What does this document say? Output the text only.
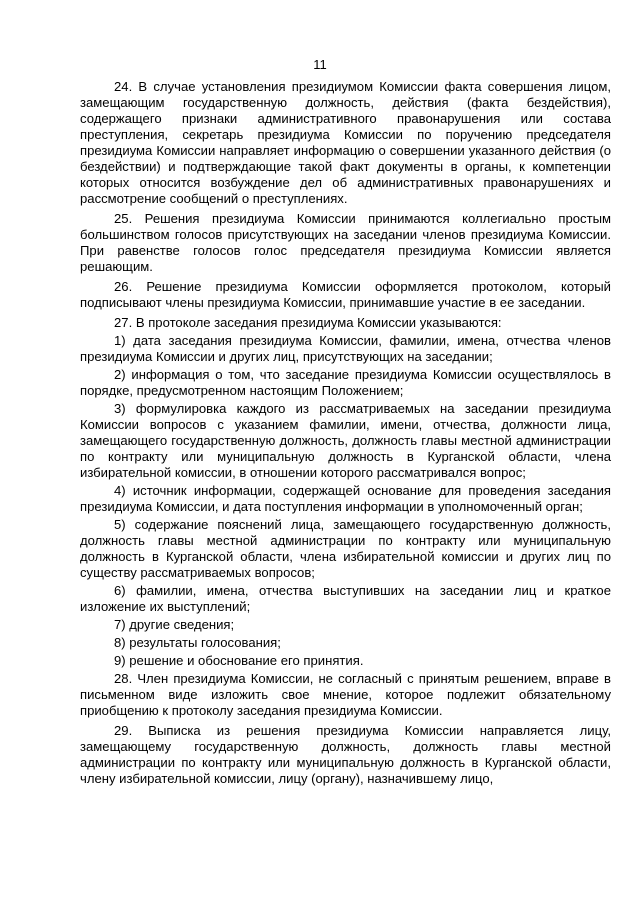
11

24. В случае установления президиумом Комиссии факта совершения лицом, замещающим государственную должность, действия (факта бездействия), содержащего признаки административного правонарушения или состава преступления, секретарь президиума Комиссии по поручению председателя президиума Комиссии направляет информацию о совершении указанного действия (о бездействии) и подтверждающие такой факт документы в органы, к компетенции которых относится возбуждение дел об административных правонарушениях и рассмотрение сообщений о преступлениях.

25. Решения президиума Комиссии принимаются коллегиально простым большинством голосов присутствующих на заседании членов президиума Комиссии. При равенстве голосов голос председателя президиума Комиссии является решающим.

26. Решение президиума Комиссии оформляется протоколом, который подписывают члены президиума Комиссии, принимавшие участие в ее заседании.

27. В протоколе заседания президиума Комиссии указываются:

1) дата заседания президиума Комиссии, фамилии, имена, отчества членов президиума Комиссии и других лиц, присутствующих на заседании;

2) информация о том, что заседание президиума Комиссии осуществлялось в порядке, предусмотренном настоящим Положением;

3) формулировка каждого из рассматриваемых на заседании президиума Комиссии вопросов с указанием фамилии, имени, отчества, должности лица, замещающего государственную должность, должность главы местной администрации по контракту или муниципальную должность в Курганской области, члена избирательной комиссии, в отношении которого рассматривался вопрос;

4) источник информации, содержащей основание для проведения заседания президиума Комиссии, и дата поступления информации в уполномоченный орган;

5) содержание пояснений лица, замещающего государственную должность, должность главы местной администрации по контракту или муниципальную должность в Курганской области, члена избирательной комиссии и других лиц по существу рассматриваемых вопросов;

6) фамилии, имена, отчества выступивших на заседании лиц и краткое изложение их выступлений;

7) другие сведения;

8) результаты голосования;

9) решение и обоснование его принятия.

28. Член президиума Комиссии, не согласный с принятым решением, вправе в письменном виде изложить свое мнение, которое подлежит обязательному приобщению к протоколу заседания президиума Комиссии.

29. Выписка из решения президиума Комиссии направляется лицу, замещающему государственную должность, должность главы местной администрации по контракту или муниципальную должность в Курганской области, члену избирательной комиссии, лицу (органу), назначившему лицо,
